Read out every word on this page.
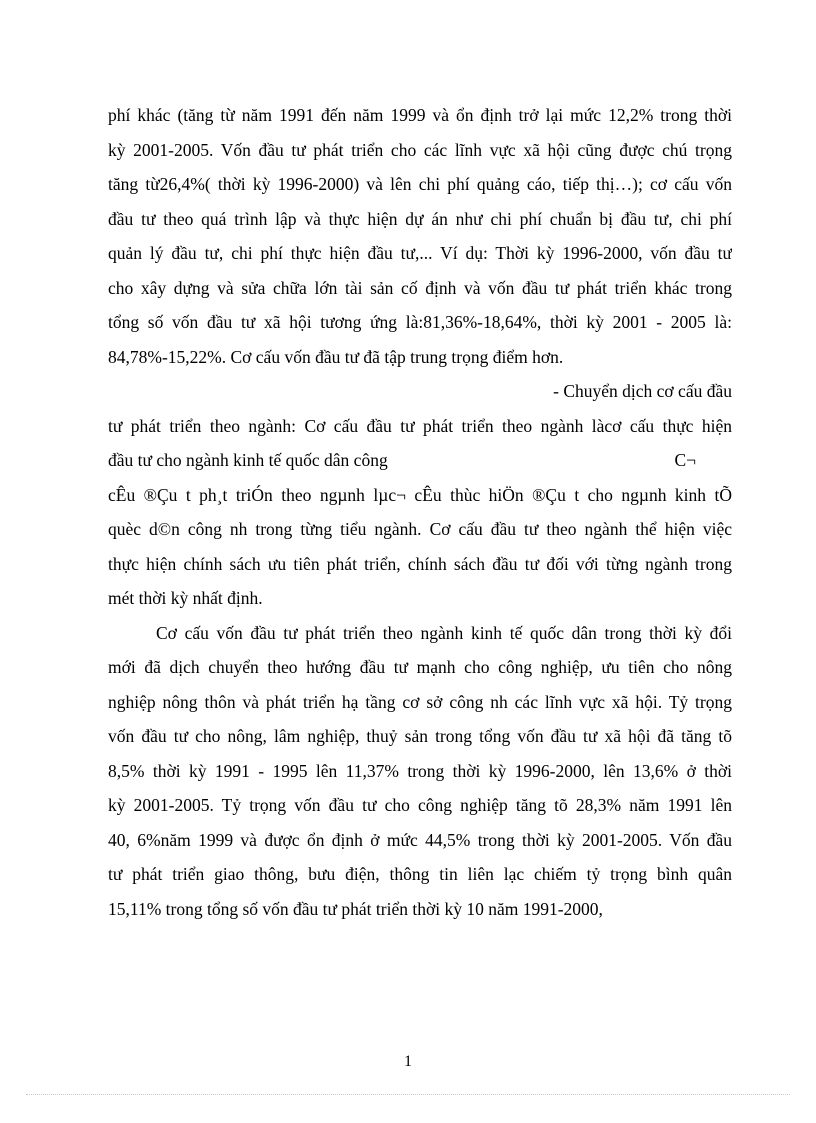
phí khác (tăng từ năm 1991 đến năm 1999 và ổn định trở lại mức 12,2% trong thời
kỳ 2001-2005. Vốn đầu tư phát triển cho các lĩnh vực xã hội cũng được chú trọng
tăng từ26,4%( thời kỳ 1996-2000) và lên chi phí quảng cáo, tiếp thị…); cơ cấu vốn
đầu tư theo quá trình lập và thực hiện dự án như chi phí chuẩn bị đầu tư, chi phí
quản lý đầu tư, chi phí thực hiện đầu tư,... Ví dụ: Thời kỳ 1996-2000, vốn đầu tư
cho xây dựng và sửa chữa lớn tài sản cố định và vốn đầu tư phát triển khác trong
tổng số vốn đầu tư xã hội tương ứng là:81,36%-18,64%, thời kỳ 2001 - 2005 là:
84,78%-15,22%. Cơ cấu vốn đầu tư đã tập trung trọng điểm hơn.
- Chuyển dịch cơ cấu đầu
tư phát triển theo ngành: Cơ cấu đầu tư phát triển theo ngành làcơ cấu thực hiện
đầu tư cho ngành kinh tế quốc dân công	C¬
cÊu ®Çu t ph¸t triÓn theo ngµnh lµc¬ cÊu thùc hiÖn ®Çu t cho ngµnh kinh tÕ
quèc d©n công nh trong từng tiểu ngành. Cơ cấu đầu tư theo ngành thể hiện việc
thực hiện chính sách ưu tiên phát triển, chính sách đầu tư đối với từng ngành trong
mét thời kỳ nhất định.
Cơ cấu vốn đầu tư phát triển theo ngành kinh tế quốc dân trong thời kỳ đổi
mới đã dịch chuyển theo hướng đầu tư mạnh cho công nghiệp, ưu tiên cho nông
nghiệp nông thôn và phát triển hạ tầng cơ sở công nh các lĩnh vực xã hội. Tỷ trọng
vốn đầu tư cho nông, lâm nghiệp, thuỷ sản trong tổng vốn đầu tư xã hội đã tăng tõ
8,5% thời kỳ 1991 - 1995 lên 11,37% trong thời kỳ 1996-2000, lên 13,6% ở thời
kỳ 2001-2005. Tỷ trọng vốn đầu tư cho công nghiệp tăng tõ 28,3% năm 1991 lên
40, 6%năm 1999 và được ổn định ở mức 44,5% trong thời kỳ 2001-2005. Vốn đầu
tư phát triển giao thông, bưu điện, thông tin liên lạc chiếm tỷ trọng bình quân
15,11% trong tổng số vốn đầu tư phát triển thời kỳ 10 năm 1991-2000,
1
